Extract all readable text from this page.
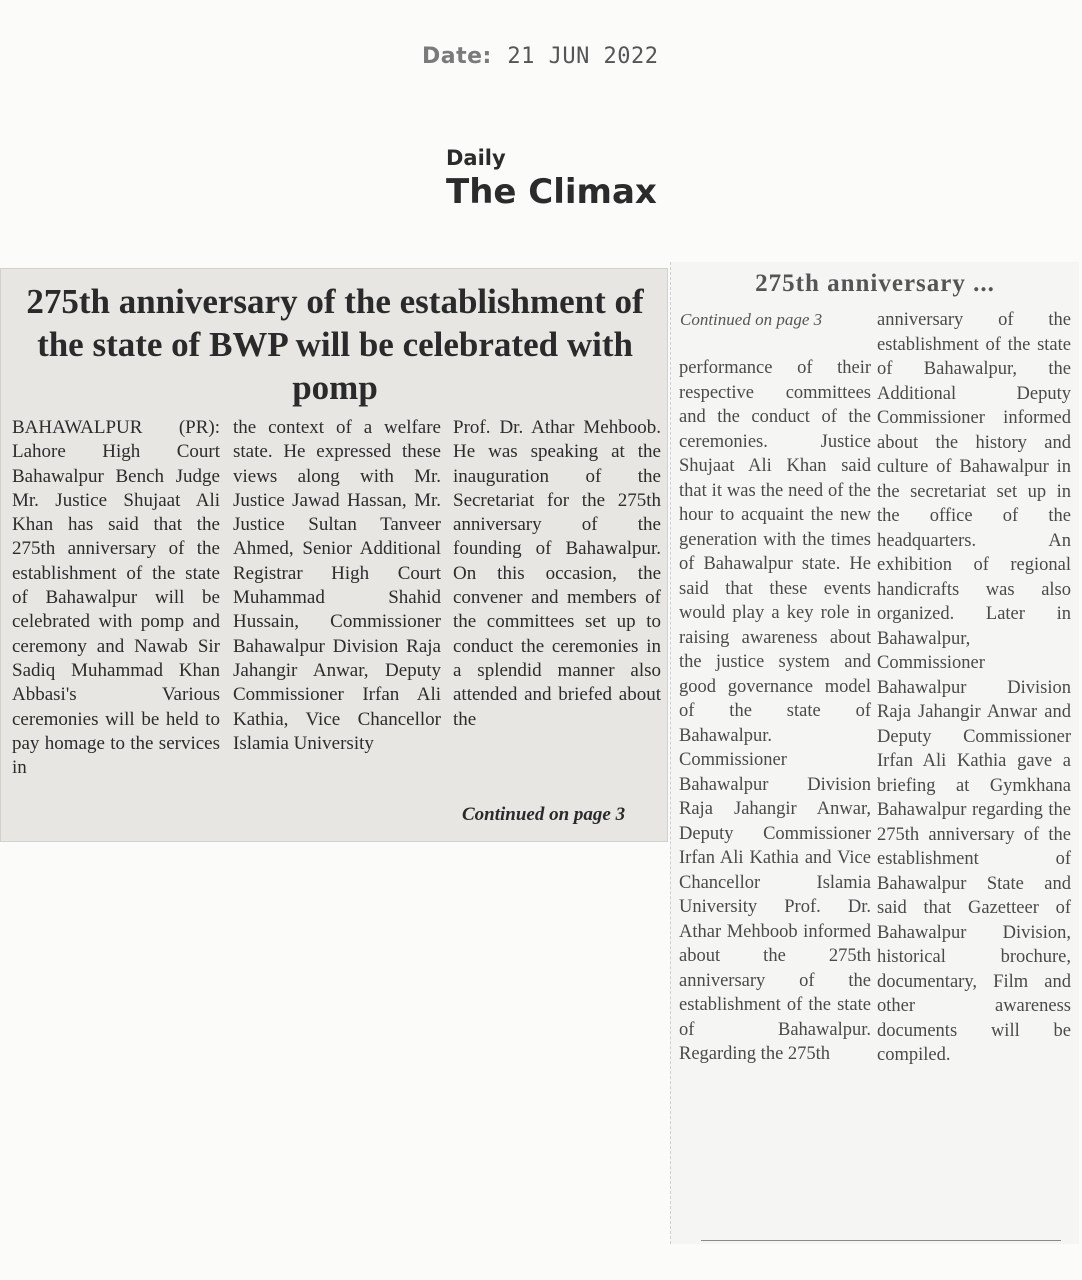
Date: 21 JUN 2022
Daily
The Climax
275th anniversary of the establishment of the state of BWP will be celebrated with pomp
BAHAWALPUR (PR): Lahore High Court Bahawalpur Bench Judge Mr. Justice Shujaat Ali Khan has said that the 275th anniversary of the establishment of the state of Bahawalpur will be celebrated with pomp and ceremony and Nawab Sir Sadiq Muhammad Khan Abbasi's Various ceremonies will be held to pay homage to the services in
the context of a welfare state. He expressed these views along with Mr. Justice Jawad Hassan, Mr. Justice Sultan Tanveer Ahmed, Senior Additional Registrar High Court Muhammad Shahid Hussain, Commissioner Bahawalpur Division Raja Jahangir Anwar, Deputy Commissioner Irfan Ali Kathia, Vice Chancellor Islamia University
Prof. Dr. Athar Mehboob. He was speaking at the inauguration of the Secretariat for the 275th anniversary of the founding of Bahawalpur. On this occasion, the convener and members of the committees set up to conduct the ceremonies in a splendid manner also attended and briefed about the
Continued on page 3
275th anniversary ...
Continued on page 3
performance of their respective committees and the conduct of the ceremonies. Justice Shujaat Ali Khan said that it was the need of the hour to acquaint the new generation with the times of Bahawalpur state. He said that these events would play a key role in raising awareness about the justice system and good governance model of the state of Bahawalpur. Commissioner Bahawalpur Division Raja Jahangir Anwar, Deputy Commissioner Irfan Ali Kathia and Vice Chancellor Islamia University Prof. Dr. Athar Mehboob informed about the 275th anniversary of the establishment of the state of Bahawalpur. Regarding the 275th
anniversary of the establishment of the state of Bahawalpur, the Additional Deputy Commissioner informed about the history and culture of Bahawalpur in the secretariat set up in the office of the headquarters. An exhibition of regional handicrafts was also organized. Later in Bahawalpur, Commissioner Bahawalpur Division Raja Jahangir Anwar and Deputy Commissioner Irfan Ali Kathia gave a briefing at Gymkhana Bahawalpur regarding the 275th anniversary of the establishment of Bahawalpur State and said that Gazetteer of Bahawalpur Division, historical brochure, documentary, Film and other awareness documents will be compiled.
